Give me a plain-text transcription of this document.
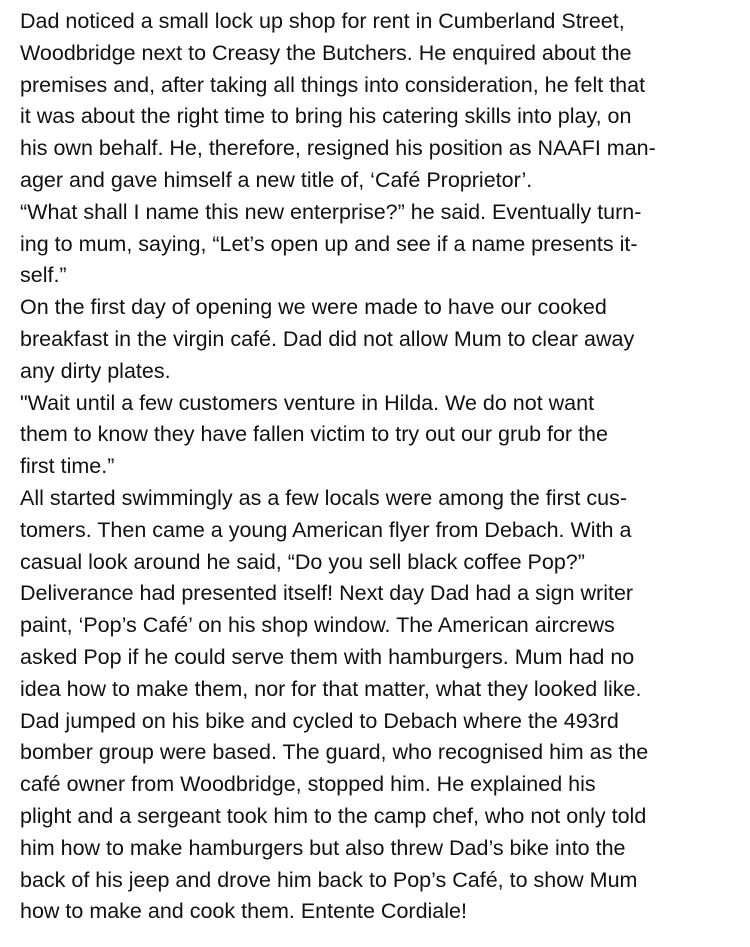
Dad noticed a small lock up shop for rent in Cumberland Street,
Woodbridge next to Creasy the Butchers. He enquired about the
premises and, after taking all things into consideration, he felt that
it was about the right time to bring his catering skills into play, on
his own behalf. He, therefore, resigned his position as NAAFI man-
ager and gave himself a new title of, ‘Café Proprietor’.
“What shall I name this new enterprise?” he said. Eventually turn-
ing to mum, saying, “Let’s open up and see if a name presents it-
self.”
On the first day of opening we were made to have our cooked
breakfast in the virgin café. Dad did not allow Mum to clear away
any dirty plates.
"Wait until a few customers venture in Hilda. We do not want
them to know they have fallen victim to try out our grub for the
first time.”
All started swimmingly as a few locals were among the first cus-
tomers. Then came a young American flyer from Debach. With a
casual look around he said, “Do you sell black coffee Pop?”
Deliverance had presented itself! Next day Dad had a sign writer
paint, ‘Pop’s Café’ on his shop window. The American aircrews
asked Pop if he could serve them with hamburgers. Mum had no
idea how to make them, nor for that matter, what they looked like.
Dad jumped on his bike and cycled to Debach where the 493rd
bomber group were based. The guard, who recognised him as the
café owner from Woodbridge, stopped him. He explained his
plight and a sergeant took him to the camp chef, who not only told
him how to make hamburgers but also threw Dad’s bike into the
back of his jeep and drove him back to Pop’s Café, to show Mum
how to make and cook them. Entente Cordiale!
